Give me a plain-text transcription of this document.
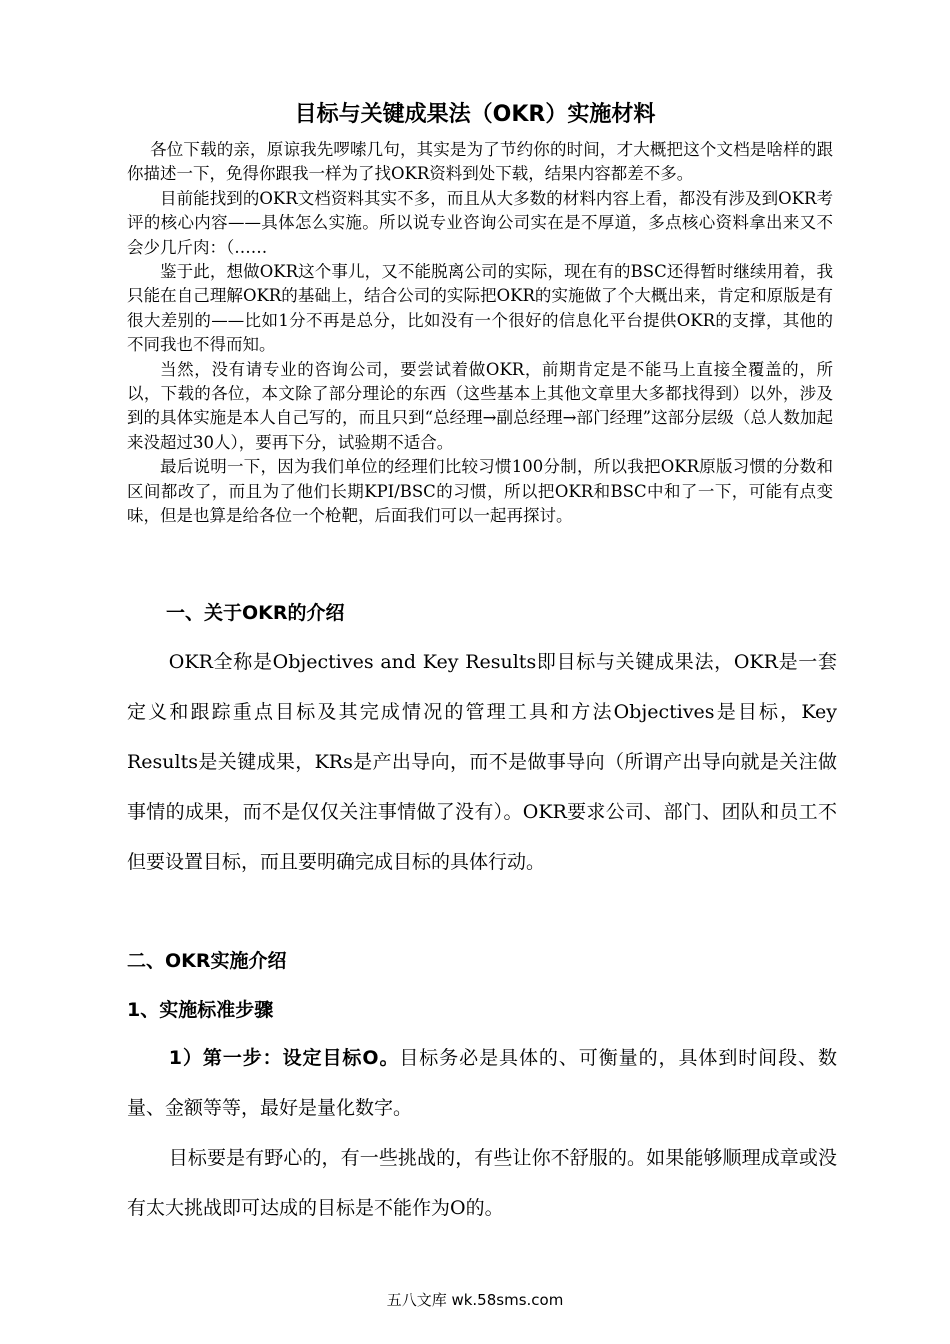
目标与关键成果法（OKR）实施材料

各位下载的亲，原谅我先啰嗦几句，其实是为了节约你的时间，才大概把这个文档是啥样的跟你描述一下，免得你跟我一样为了找OKR资料到处下载，结果内容都差不多。

目前能找到的OKR文档资料其实不多，而且从大多数的材料内容上看，都没有涉及到OKR考评的核心内容——具体怎么实施。所以说专业咨询公司实在是不厚道，多点核心资料拿出来又不会少几斤肉：（……

鉴于此，想做OKR这个事儿，又不能脱离公司的实际，现在有的BSC还得暂时继续用着，我只能在自己理解OKR的基础上，结合公司的实际把OKR的实施做了个大概出来，肯定和原版是有很大差别的——比如1分不再是总分，比如没有一个很好的信息化平台提供OKR的支撑，其他的不同我也不得而知。

当然，没有请专业的咨询公司，要尝试着做OKR，前期肯定是不能马上直接全覆盖的，所以，下载的各位，本文除了部分理论的东西（这些基本上其他文章里大多都找得到）以外，涉及到的具体实施是本人自己写的，而且只到“总经理→副总经理→部门经理”这部分层级（总人数加起来没超过30人），要再下分，试验期不适合。

最后说明一下，因为我们单位的经理们比较习惯100分制，所以我把OKR原版习惯的分数和区间都改了，而且为了他们长期KPI/BSC的习惯，所以把OKR和BSC中和了一下，可能有点变味，但是也算是给各位一个枪靶，后面我们可以一起再探讨。

一、关于OKR的介绍

OKR全称是Objectives and Key Results即目标与关键成果法，OKR是一套定义和跟踪重点目标及其完成情况的管理工具和方法Objectives是目标，Key Results是关键成果，KRs是产出导向，而不是做事导向（所谓产出导向就是关注做事情的成果，而不是仅仅关注事情做了没有）。OKR要求公司、部门、团队和员工不但要设置目标，而且要明确完成目标的具体行动。

二、OKR实施介绍
1、实施标准步骤

1）第一步：设定目标O。目标务必是具体的、可衡量的，具体到时间段、数量、金额等等，最好是量化数字。

目标要是有野心的，有一些挑战的，有些让你不舒服的。如果能够顺理成章或没有太大挑战即可达成的目标是不能作为O的。

五八文库 wk.58sms.com
